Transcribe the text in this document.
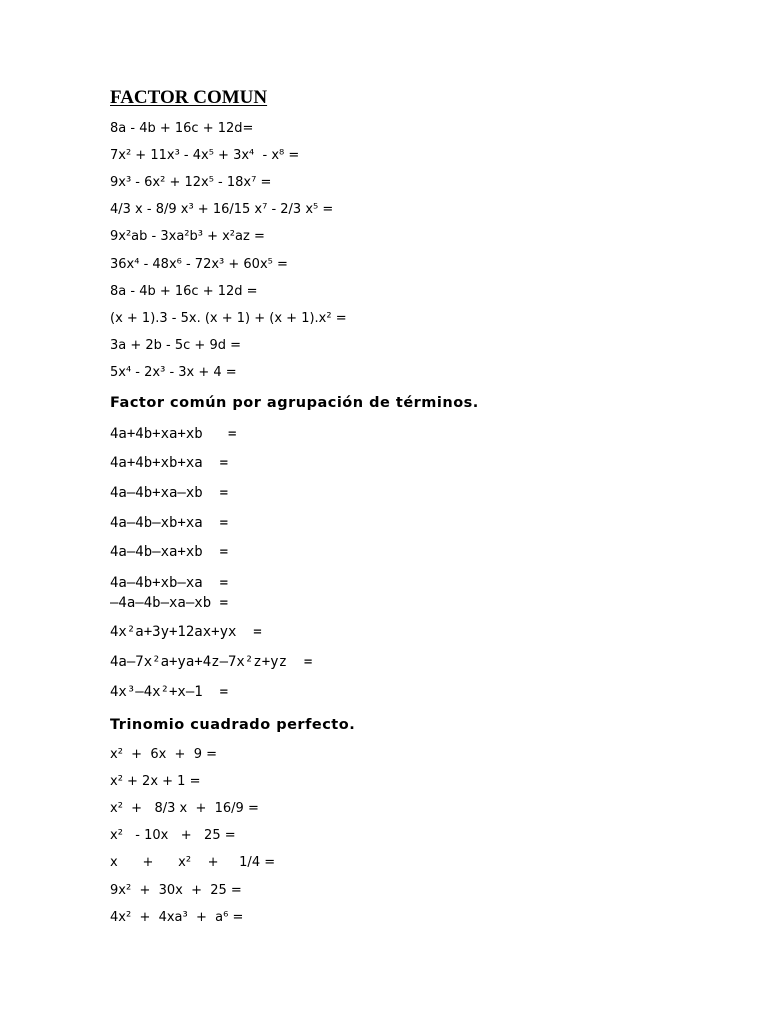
FACTOR COMUN
8a - 4b + 16c + 12d=
7x² + 11x³ - 4x⁵ + 3x⁴  - x⁸ =
9x³ - 6x² + 12x⁵ - 18x⁷ =
4/3 x - 8/9 x³ + 16/15 x⁷ - 2/3 x⁵ =
9x²ab - 3xa²b³ + x²az =
36x⁴ - 48x⁶ - 72x³ + 60x⁵ =
8a - 4b + 16c + 12d =
(x + 1).3 - 5x. (x + 1) + (x + 1).x² =
3a + 2b - 5c + 9d =
5x⁴ - 2x³ - 3x + 4 =
Factor común por agrupación de términos.
4a+4b+xa+xb   =
4a+4b+xb+xa  =
4a–4b+xa–xb  =
4a–4b–xb+xa  =
4a–4b–xa+xb  =
4a–4b+xb–xa  =
–4a–4b–xa–xb =
4x²a+3y+12ax+yx  =
4a–7x²a+ya+4z–7x²z+yz  =
4x³–4x²+x–1  =
Trinomio cuadrado perfecto.
x²  +  6x  +  9 =
x² + 2x + 1 =
x²  +   8/3 x  +  16/9 =
x²   - 10x   +   25 =
x      +      x²    +     1/4 =
9x²  +  30x  +  25 =
4x²  +  4xa³  +  a⁶ =
